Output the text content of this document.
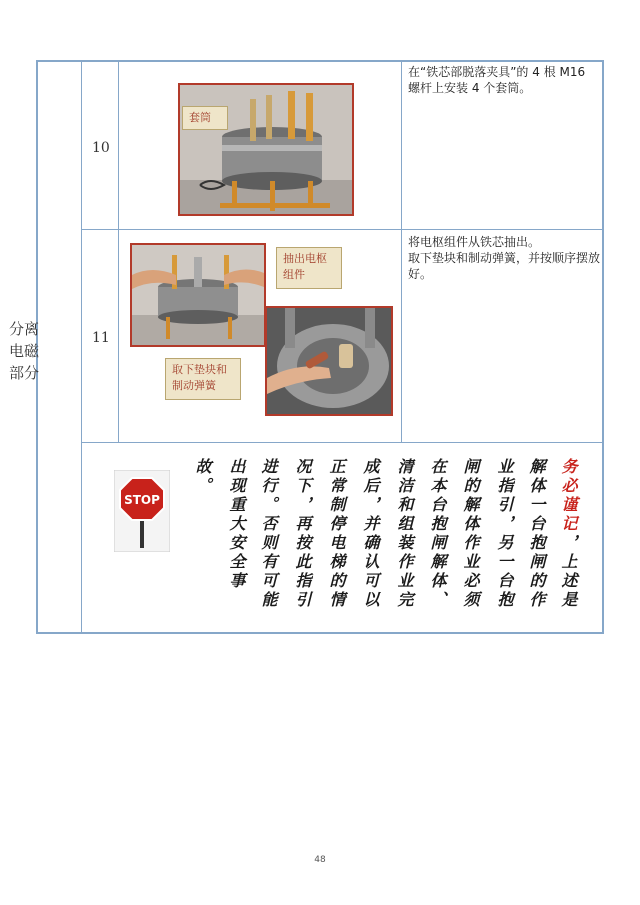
分离电磁部分
10
套筒
在“铁芯部脱落夹具”的 4 根 M16 螺杆上安装 4 个套筒。
11
抽出电枢组件
取下垫块和制动弹簧
将电枢组件从铁芯抽出。
取下垫块和制动弹簧，并按顺序摆放好。
STOP	务必谨记，上述是
解体一台抱闸的作
业指引，另一台抱
闸的解体作业必须
在本台抱闸解体、
清洁和组装作业完
成后，并确认可以
正常制停电梯的情
况下，再按此指引
进行。否则有可能
出现重大安全事
故。
48
